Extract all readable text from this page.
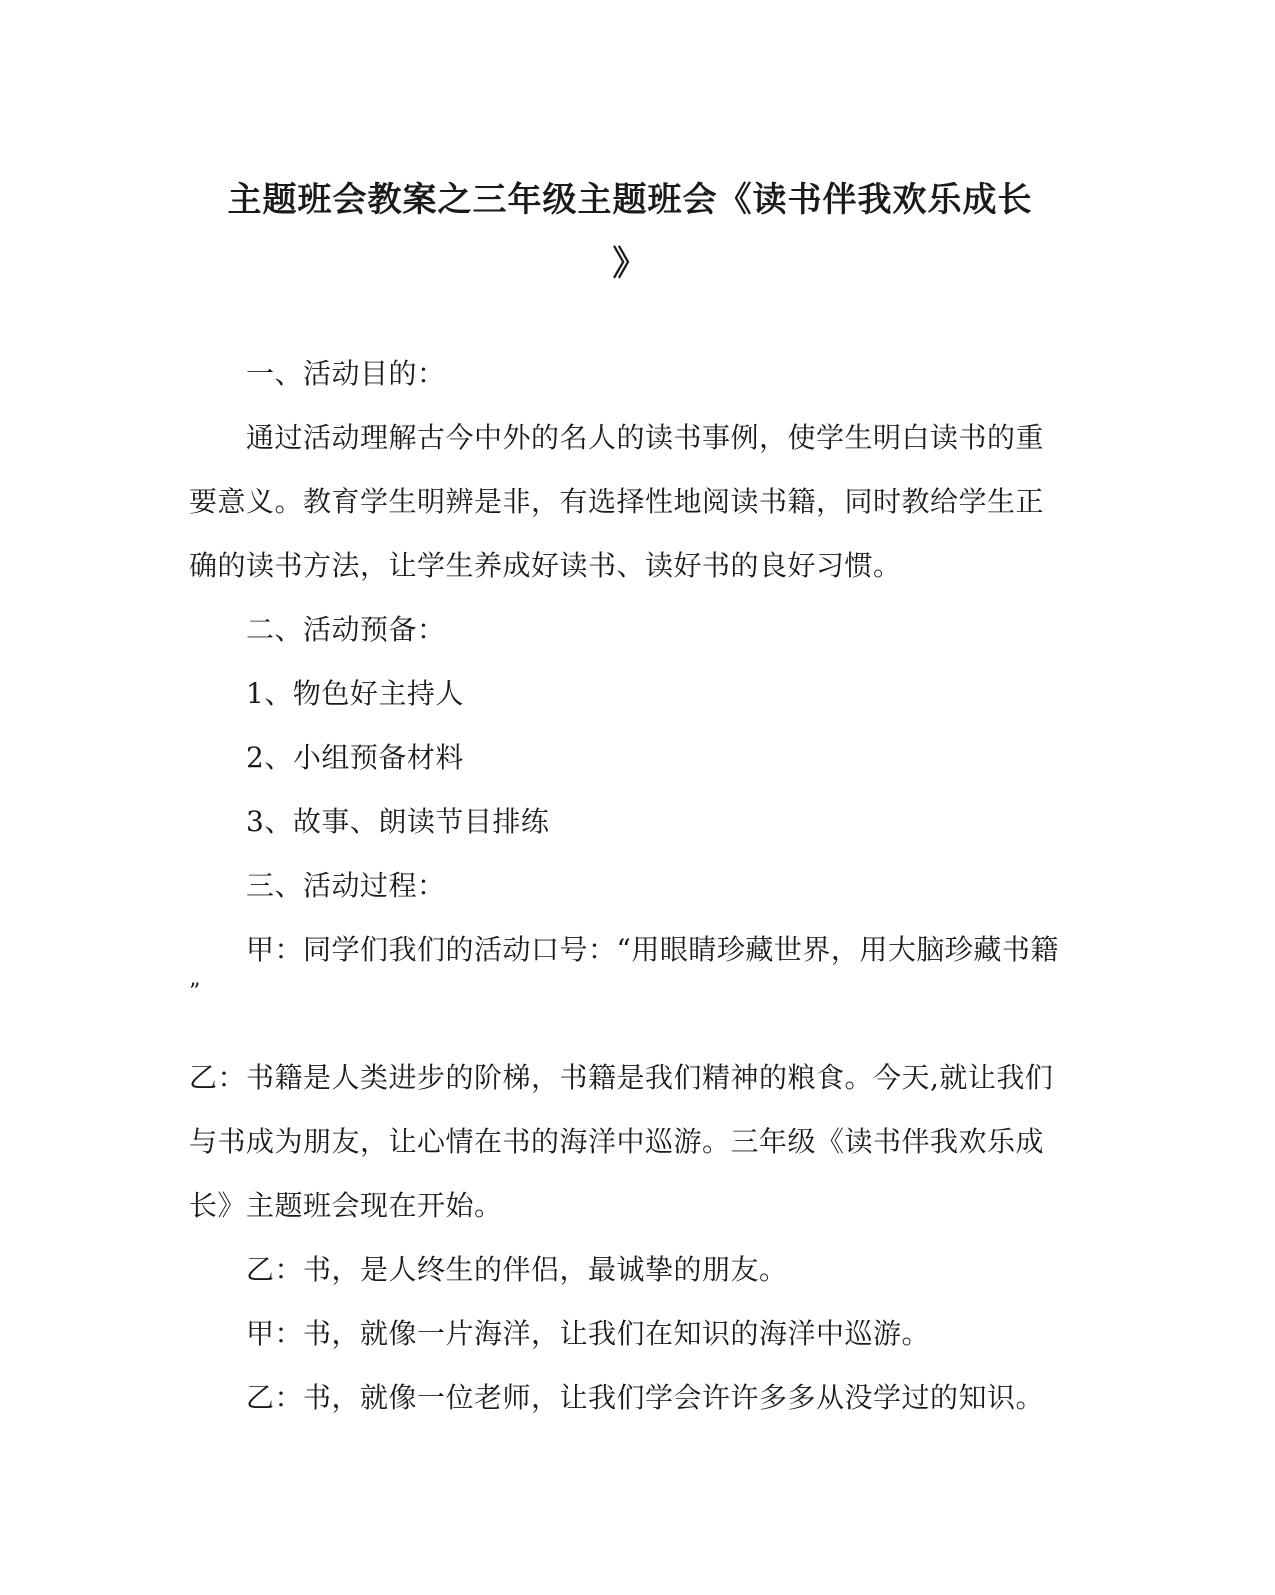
主题班会教案之三年级主题班会《读书伴我欢乐成长
》
一、活动目的：
通过活动理解古今中外的名人的读书事例，使学生明白读书的重
要意义。教育学生明辨是非，有选择性地阅读书籍，同时教给学生正
确的读书方法，让学生养成好读书、读好书的良好习惯。
二、活动预备：
1、物色好主持人
2、小组预备材料
3、故事、朗读节目排练
三、活动过程：
甲：同学们我们的活动口号：“用眼睛珍藏世界，用大脑珍藏书籍
”
乙：书籍是人类进步的阶梯，书籍是我们精神的粮食。今天,就让我们
与书成为朋友，让心情在书的海洋中巡游。三年级《读书伴我欢乐成
长》主题班会现在开始。
乙：书，是人终生的伴侣，最诚挚的朋友。
甲：书，就像一片海洋，让我们在知识的海洋中巡游。
乙：书，就像一位老师，让我们学会许许多多从没学过的知识。
